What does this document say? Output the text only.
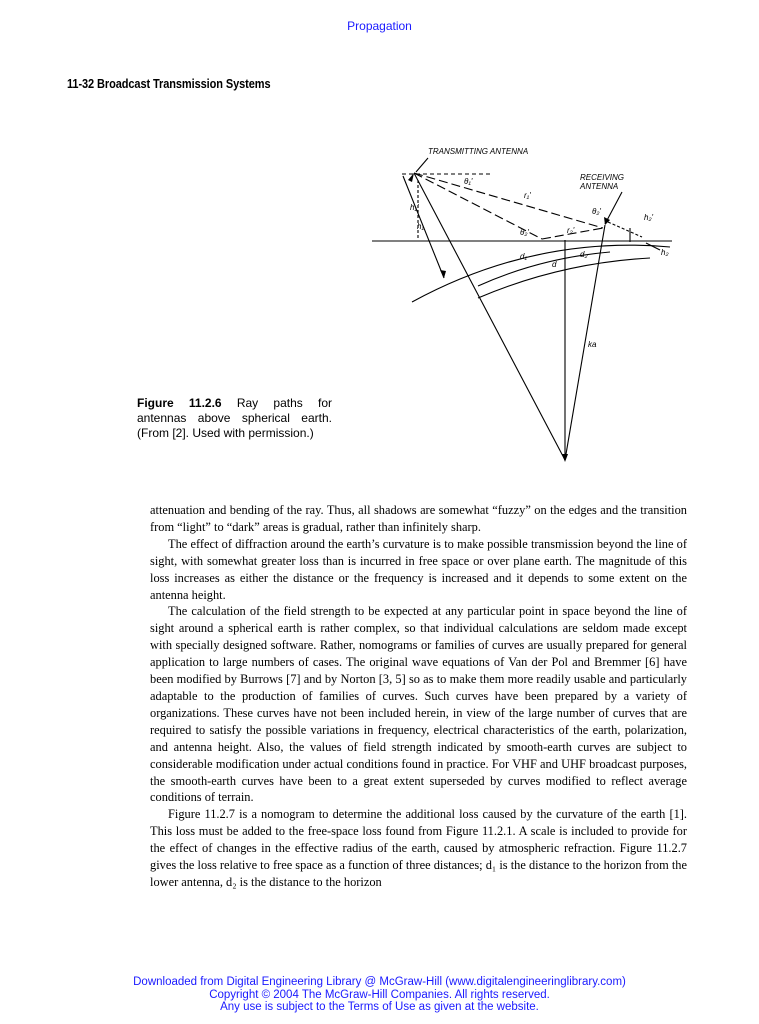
Propagation
11-32 Broadcast Transmission Systems
TRANSMITTING ANTENNA
RECEIVING
ANTENNA
θ₁'
r₁'
h₁'
h₁
θ₂'	r₂'
θ₂'
h₂'
h₂
d₁	d₂
d
ka
Figure 11.2.6 Ray paths for antennas above spherical earth. (From [2]. Used with permission.)

attenuation and bending of the ray. Thus, all shadows are somewhat “fuzzy” on the edges and the transition from “light” to “dark” areas is gradual, rather than infinitely sharp.

The effect of diffraction around the earth’s curvature is to make possible transmission beyond the line of sight, with somewhat greater loss than is incurred in free space or over plane earth. The magnitude of this loss increases as either the distance or the frequency is increased and it depends to some extent on the antenna height.

The calculation of the field strength to be expected at any particular point in space beyond the line of sight around a spherical earth is rather complex, so that individual calculations are seldom made except with specially designed software. Rather, nomograms or families of curves are usually prepared for general application to large numbers of cases. The original wave equations of Van der Pol and Bremmer [6] have been modified by Burrows [7] and by Norton [3, 5] so as to make them more readily usable and particularly adaptable to the production of families of curves. Such curves have been prepared by a variety of organizations. These curves have not been included herein, in view of the large number of curves that are required to satisfy the possible variations in frequency, electrical characteristics of the earth, polarization, and antenna height. Also, the values of field strength indicated by smooth-earth curves are subject to considerable modification under actual conditions found in practice. For VHF and UHF broadcast purposes, the smooth-earth curves have been to a great extent superseded by curves modified to reflect average conditions of terrain.

Figure 11.2.7 is a nomogram to determine the additional loss caused by the curvature of the earth [1]. This loss must be added to the free-space loss found from Figure 11.2.1. A scale is included to provide for the effect of changes in the effective radius of the earth, caused by atmospheric refraction. Figure 11.2.7 gives the loss relative to free space as a function of three distances; d₁ is the distance to the horizon from the lower antenna, d₂ is the distance to the horizon

Downloaded from Digital Engineering Library @ McGraw-Hill (www.digitalengineeringlibrary.com)
Copyright © 2004 The McGraw-Hill Companies. All rights reserved.
Any use is subject to the Terms of Use as given at the website.
